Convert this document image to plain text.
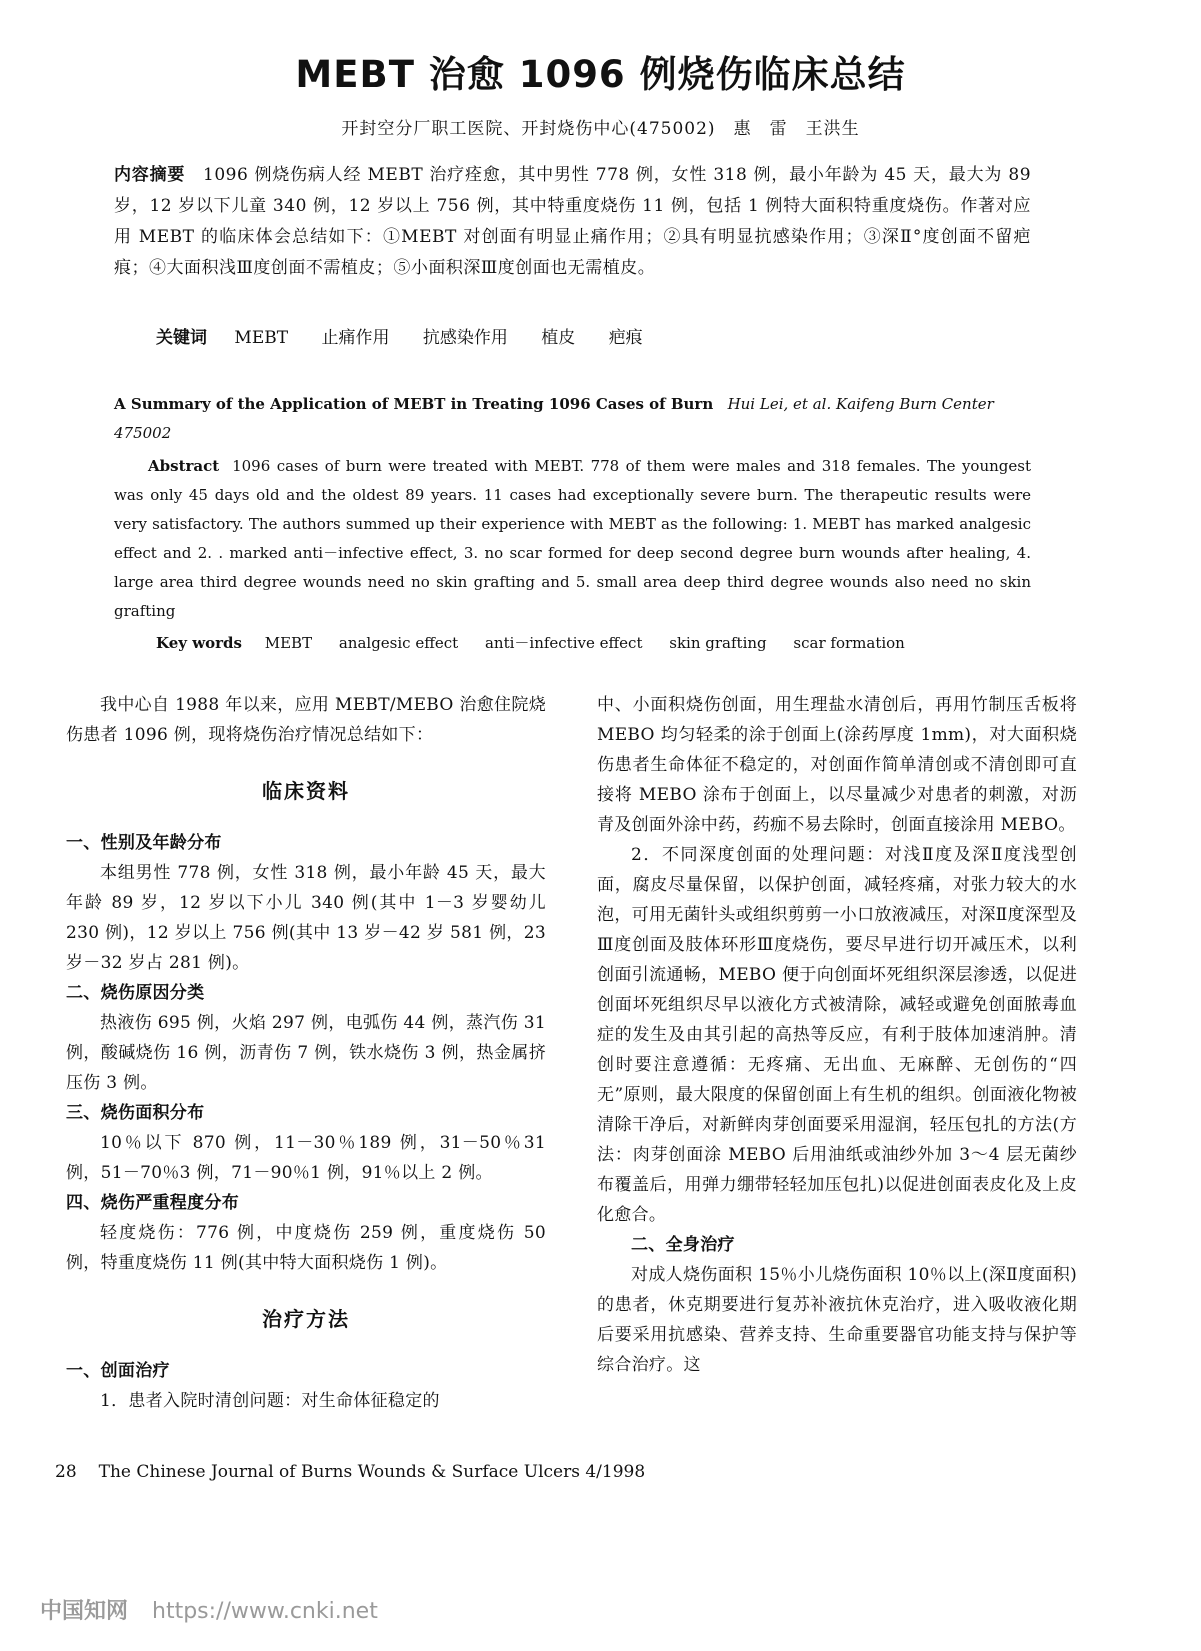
MEBT 治愈 1096 例烧伤临床总结
开封空分厂职工医院、开封烧伤中心(475002)　惠　雷　王洪生
内容摘要　1096 例烧伤病人经 MEBT 治疗痊愈，其中男性 778 例，女性 318 例，最小年龄为 45 天，最大为 89 岁，12 岁以下儿童 340 例，12 岁以上 756 例，其中特重度烧伤 11 例，包括 1 例特大面积特重度烧伤。作著对应用 MEBT 的临床体会总结如下：①MEBT 对创面有明显止痛作用；②具有明显抗感染作用；③深Ⅱ°度创面不留疤痕；④大面积浅Ⅲ度创面不需植皮；⑤小面积深Ⅲ度创面也无需植皮。
关键词 MEBT 止痛作用 抗感染作用 植皮 疤痕
A Summary of the Application of MEBT in Treating 1096 Cases of Burn Hui Lei, et al. Kaifeng Burn Center 475002
Abstract 1096 cases of burn were treated with MEBT. 778 of them were males and 318 females. The youngest was only 45 days old and the oldest 89 years. 11 cases had exceptionally severe burn. The therapeutic results were very satisfactory. The authors summed up their experience with MEBT as the following: 1. MEBT has marked analgesic effect and 2. . marked anti－infective effect, 3. no scar formed for deep second degree burn wounds after healing, 4. large area third degree wounds need no skin grafting and 5. small area deep third degree wounds also need no skin grafting
Key words MEBT analgesic effect anti－infective effect skin grafting scar formation

我中心自 1988 年以来，应用 MEBT/MEBO 治愈住院烧伤患者 1096 例，现将烧伤治疗情况总结如下：

临床资料

一、性别及年龄分布

本组男性 778 例，女性 318 例，最小年龄 45 天，最大年龄 89 岁，12 岁以下小儿 340 例(其中 1－3 岁婴幼儿 230 例)，12 岁以上 756 例(其中 13 岁－42 岁 581 例，23 岁－32 岁占 281 例)。

二、烧伤原因分类

热液伤 695 例，火焰 297 例，电弧伤 44 例，蒸汽伤 31 例，酸碱烧伤 16 例，沥青伤 7 例，铁水烧伤 3 例，热金属挤压伤 3 例。

三、烧伤面积分布

10％以下 870 例，11－30％189 例，31－50％31 例，51－70％3 例，71－90％1 例，91％以上 2 例。

四、烧伤严重程度分布

轻度烧伤：776 例，中度烧伤 259 例，重度烧伤 50 例，特重度烧伤 11 例(其中特大面积烧伤 1 例)。

治疗方法

一、创面治疗

1．患者入院时清创问题：对生命体征稳定的

中、小面积烧伤创面，用生理盐水清创后，再用竹制压舌板将 MEBO 均匀轻柔的涂于创面上(涂药厚度 1mm)，对大面积烧伤患者生命体征不稳定的，对创面作简单清创或不清创即可直接将 MEBO 涂布于创面上，以尽量减少对患者的刺激，对沥青及创面外涂中药，药痂不易去除时，创面直接涂用 MEBO。

2．不同深度创面的处理问题：对浅Ⅱ度及深Ⅱ度浅型创面，腐皮尽量保留，以保护创面，减轻疼痛，对张力较大的水泡，可用无菌针头或组织剪剪一小口放液减压，对深Ⅱ度深型及Ⅲ度创面及肢体环形Ⅲ度烧伤，要尽早进行切开减压术，以利创面引流通畅，MEBO 便于向创面坏死组织深层渗透，以促进创面坏死组织尽早以液化方式被清除，减轻或避免创面脓毒血症的发生及由其引起的高热等反应，有利于肢体加速消肿。清创时要注意遵循：无疼痛、无出血、无麻醉、无创伤的“四无”原则，最大限度的保留创面上有生机的组织。创面液化物被清除干净后，对新鲜肉芽创面要采用湿润，轻压包扎的方法(方法：肉芽创面涂 MEBO 后用油纸或油纱外加 3～4 层无菌纱布覆盖后，用弹力绷带轻轻加压包扎)以促进创面表皮化及上皮化愈合。

二、全身治疗

对成人烧伤面积 15％小儿烧伤面积 10％以上(深Ⅱ度面积)的患者，休克期要进行复苏补液抗休克治疗，进入吸收液化期后要采用抗感染、营养支持、生命重要器官功能支持与保护等综合治疗。这

28 The Chinese Journal of Burns Wounds & Surface Ulcers 4/1998
中国知网 https://www.cnki.net
